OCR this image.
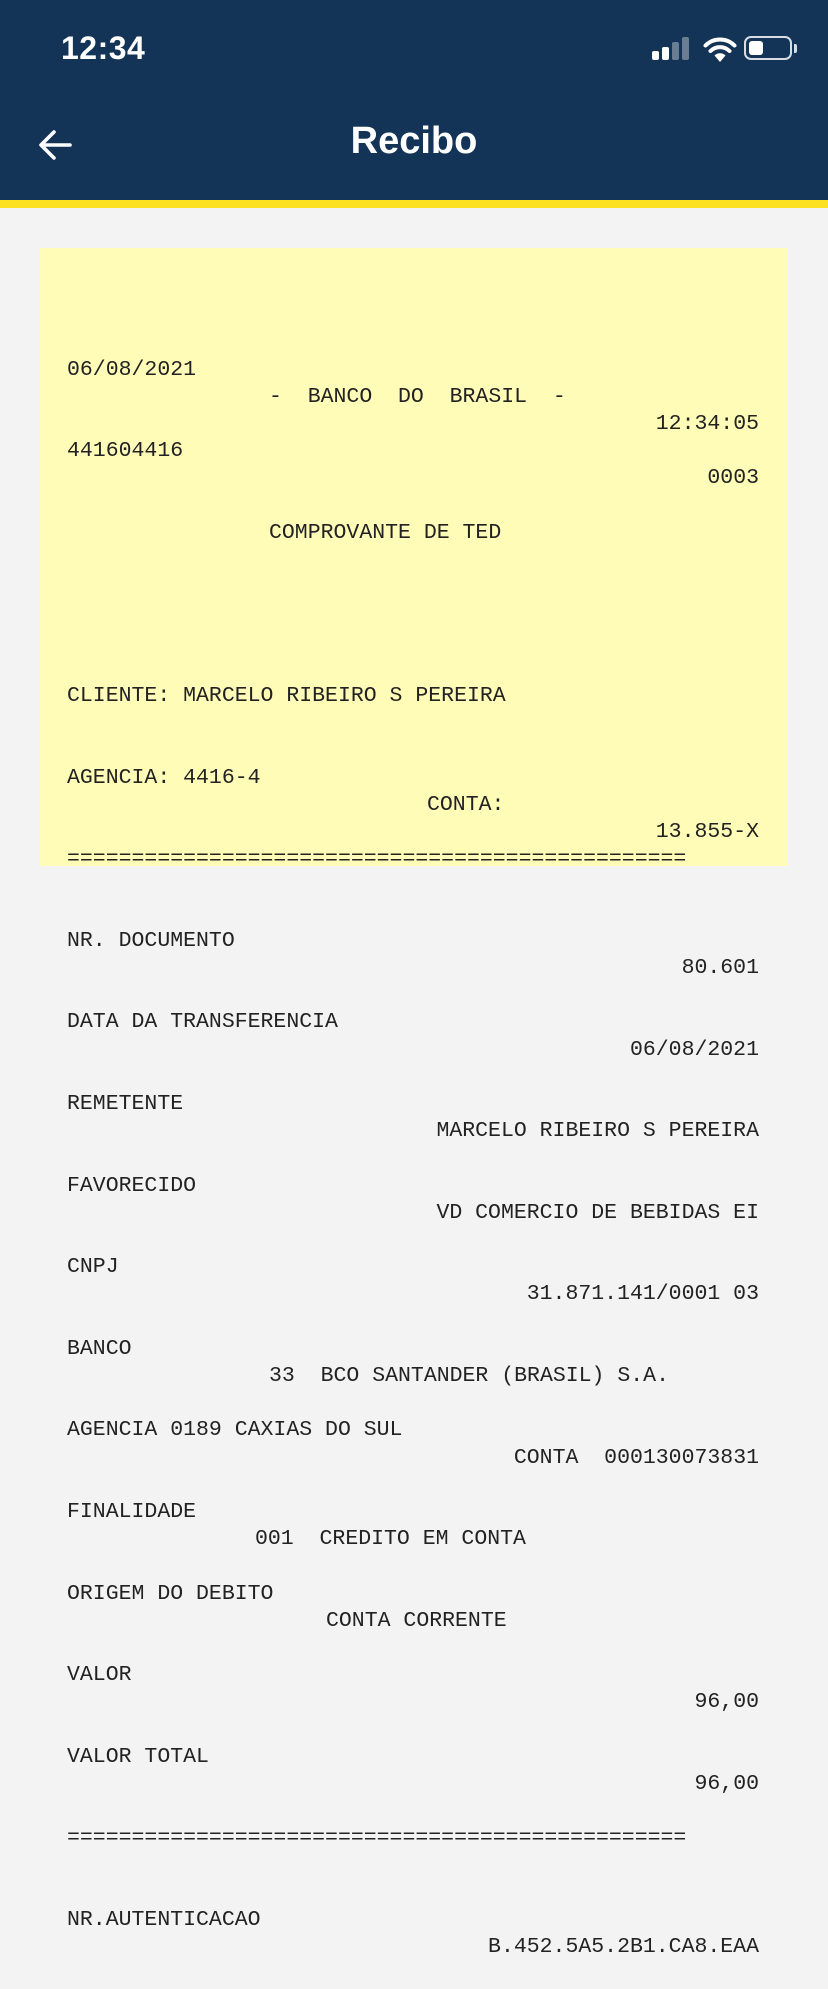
12:34
Recibo

06/08/2021

-  BANCO  DO  BRASIL  -

12:34:05

441604416

0003

COMPROVANTE DE TED

CLIENTE: MARCELO RIBEIRO S PEREIRA

AGENCIA: 4416-4

CONTA:

13.855-X

================================================

NR. DOCUMENTO

80.601

DATA DA TRANSFERENCIA

06/08/2021

REMETENTE

MARCELO RIBEIRO S PEREIRA

FAVORECIDO

VD COMERCIO DE BEBIDAS EI

CNPJ

31.871.141/0001 03

BANCO

33  BCO SANTANDER (BRASIL) S.A.

AGENCIA 0189 CAXIAS DO SUL

CONTA  000130073831

FINALIDADE

001  CREDITO EM CONTA

ORIGEM DO DEBITO

CONTA CORRENTE

VALOR

96,00

VALOR TOTAL

96,00

================================================

NR.AUTENTICACAO

B.452.5A5.2B1.CA8.EAA
